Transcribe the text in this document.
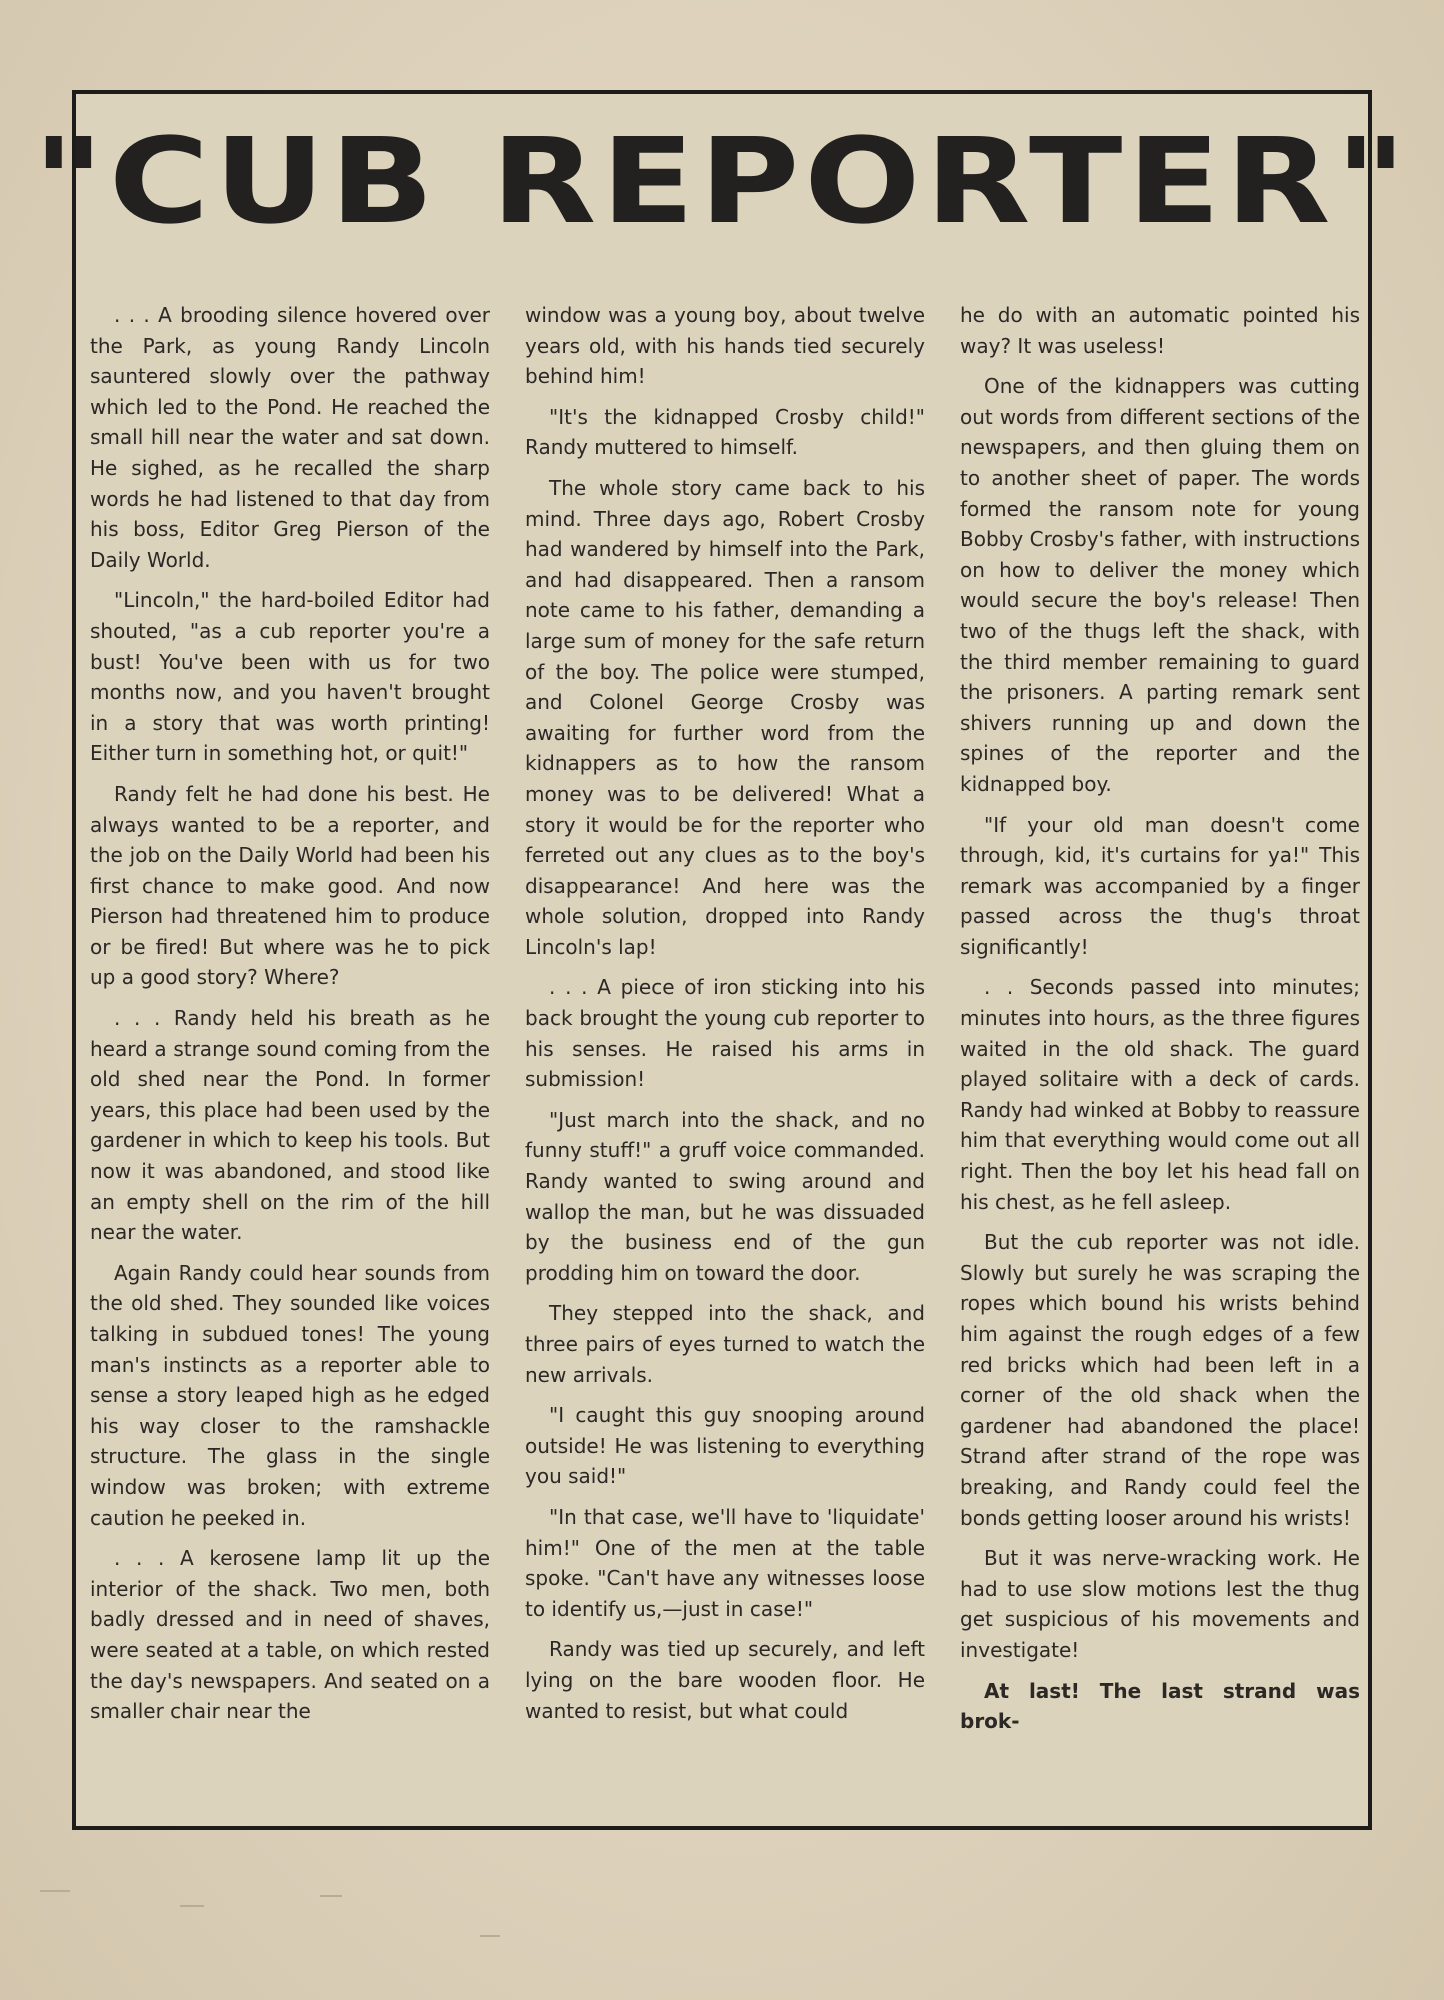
"CUB REPORTER"

. . . A brooding silence hovered over the Park, as young Randy Lincoln sauntered slowly over the pathway which led to the Pond. He reached the small hill near the water and sat down. He sighed, as he recalled the sharp words he had listened to that day from his boss, Editor Greg Pierson of the Daily World.

"Lincoln," the hard-boiled Editor had shouted, "as a cub reporter you're a bust! You've been with us for two months now, and you haven't brought in a story that was worth printing! Either turn in something hot, or quit!"

Randy felt he had done his best. He always wanted to be a reporter, and the job on the Daily World had been his first chance to make good. And now Pierson had threatened him to produce or be fired! But where was he to pick up a good story? Where?

. . . Randy held his breath as he heard a strange sound coming from the old shed near the Pond. In former years, this place had been used by the gardener in which to keep his tools. But now it was abandoned, and stood like an empty shell on the rim of the hill near the water.

Again Randy could hear sounds from the old shed. They sounded like voices talking in subdued tones! The young man's instincts as a reporter able to sense a story leaped high as he edged his way closer to the ramshackle structure. The glass in the single window was broken; with extreme caution he peeked in.

. . . A kerosene lamp lit up the interior of the shack. Two men, both badly dressed and in need of shaves, were seated at a table, on which rested the day's newspapers. And seated on a smaller chair near the

window was a young boy, about twelve years old, with his hands tied securely behind him!

"It's the kidnapped Crosby child!" Randy muttered to himself.

The whole story came back to his mind. Three days ago, Robert Crosby had wandered by himself into the Park, and had disappeared. Then a ransom note came to his father, demanding a large sum of money for the safe return of the boy. The police were stumped, and Colonel George Crosby was awaiting for further word from the kidnappers as to how the ransom money was to be delivered! What a story it would be for the reporter who ferreted out any clues as to the boy's disappearance! And here was the whole solution, dropped into Randy Lincoln's lap!

. . . A piece of iron sticking into his back brought the young cub reporter to his senses. He raised his arms in submission!

"Just march into the shack, and no funny stuff!" a gruff voice commanded. Randy wanted to swing around and wallop the man, but he was dissuaded by the business end of the gun prodding him on toward the door.

They stepped into the shack, and three pairs of eyes turned to watch the new arrivals.

"I caught this guy snooping around outside! He was listening to everything you said!"

"In that case, we'll have to 'liquidate' him!" One of the men at the table spoke. "Can't have any witnesses loose to identify us,—just in case!"

Randy was tied up securely, and left lying on the bare wooden floor. He wanted to resist, but what could

he do with an automatic pointed his way? It was useless!

One of the kidnappers was cutting out words from different sections of the newspapers, and then gluing them on to another sheet of paper. The words formed the ransom note for young Bobby Crosby's father, with instructions on how to deliver the money which would secure the boy's release! Then two of the thugs left the shack, with the third member remaining to guard the prisoners. A parting remark sent shivers running up and down the spines of the reporter and the kidnapped boy.

"If your old man doesn't come through, kid, it's curtains for ya!" This remark was accompanied by a finger passed across the thug's throat significantly!

. . Seconds passed into minutes; minutes into hours, as the three figures waited in the old shack. The guard played solitaire with a deck of cards. Randy had winked at Bobby to reassure him that everything would come out all right. Then the boy let his head fall on his chest, as he fell asleep.

But the cub reporter was not idle. Slowly but surely he was scraping the ropes which bound his wrists behind him against the rough edges of a few red bricks which had been left in a corner of the old shack when the gardener had abandoned the place! Strand after strand of the rope was breaking, and Randy could feel the bonds getting looser around his wrists!

But it was nerve-wracking work. He had to use slow motions lest the thug get suspicious of his movements and investigate!

At last! The last strand was brok-
